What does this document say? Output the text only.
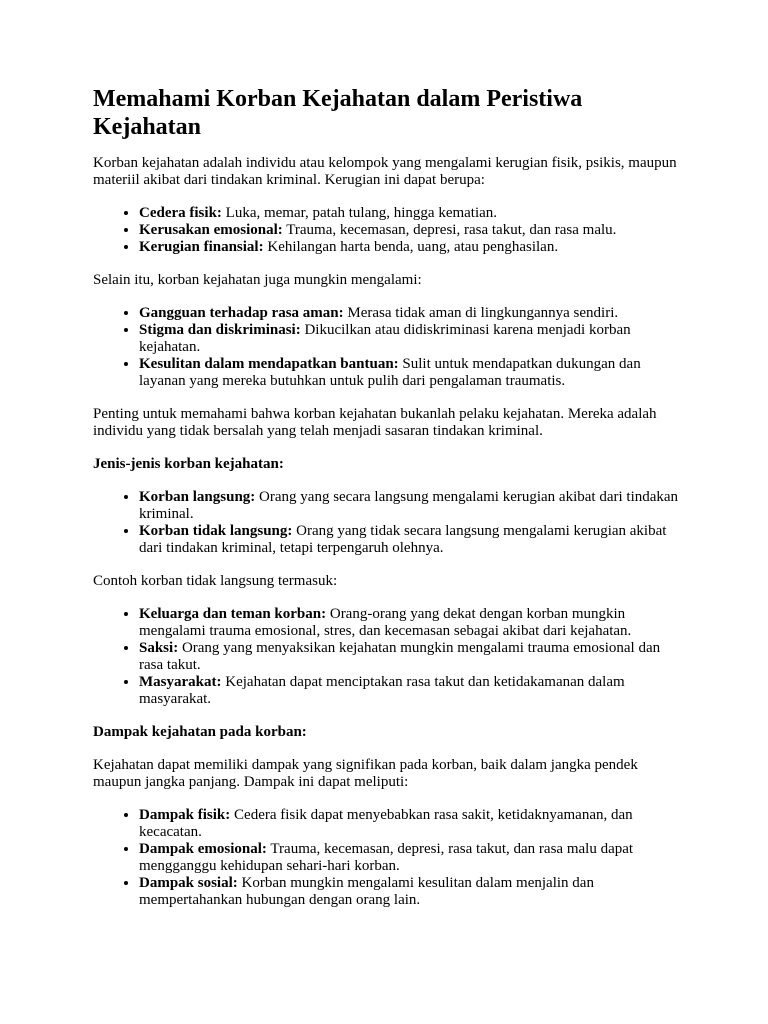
Memahami Korban Kejahatan dalam Peristiwa Kejahatan

Korban kejahatan adalah individu atau kelompok yang mengalami kerugian fisik, psikis, maupun materiil akibat dari tindakan kriminal. Kerugian ini dapat berupa:

• Cedera fisik: Luka, memar, patah tulang, hingga kematian.
• Kerusakan emosional: Trauma, kecemasan, depresi, rasa takut, dan rasa malu.
• Kerugian finansial: Kehilangan harta benda, uang, atau penghasilan.

Selain itu, korban kejahatan juga mungkin mengalami:

• Gangguan terhadap rasa aman: Merasa tidak aman di lingkungannya sendiri.
• Stigma dan diskriminasi: Dikucilkan atau didiskriminasi karena menjadi korban kejahatan.
• Kesulitan dalam mendapatkan bantuan: Sulit untuk mendapatkan dukungan dan layanan yang mereka butuhkan untuk pulih dari pengalaman traumatis.

Penting untuk memahami bahwa korban kejahatan bukanlah pelaku kejahatan. Mereka adalah individu yang tidak bersalah yang telah menjadi sasaran tindakan kriminal.

Jenis-jenis korban kejahatan:

• Korban langsung: Orang yang secara langsung mengalami kerugian akibat dari tindakan kriminal.
• Korban tidak langsung: Orang yang tidak secara langsung mengalami kerugian akibat dari tindakan kriminal, tetapi terpengaruh olehnya.

Contoh korban tidak langsung termasuk:

• Keluarga dan teman korban: Orang-orang yang dekat dengan korban mungkin mengalami trauma emosional, stres, dan kecemasan sebagai akibat dari kejahatan.
• Saksi: Orang yang menyaksikan kejahatan mungkin mengalami trauma emosional dan rasa takut.
• Masyarakat: Kejahatan dapat menciptakan rasa takut dan ketidakamanan dalam masyarakat.

Dampak kejahatan pada korban:

Kejahatan dapat memiliki dampak yang signifikan pada korban, baik dalam jangka pendek maupun jangka panjang. Dampak ini dapat meliputi:

• Dampak fisik: Cedera fisik dapat menyebabkan rasa sakit, ketidaknyamanan, dan kecacatan.
• Dampak emosional: Trauma, kecemasan, depresi, rasa takut, dan rasa malu dapat mengganggu kehidupan sehari-hari korban.
• Dampak sosial: Korban mungkin mengalami kesulitan dalam menjalin dan mempertahankan hubungan dengan orang lain.
